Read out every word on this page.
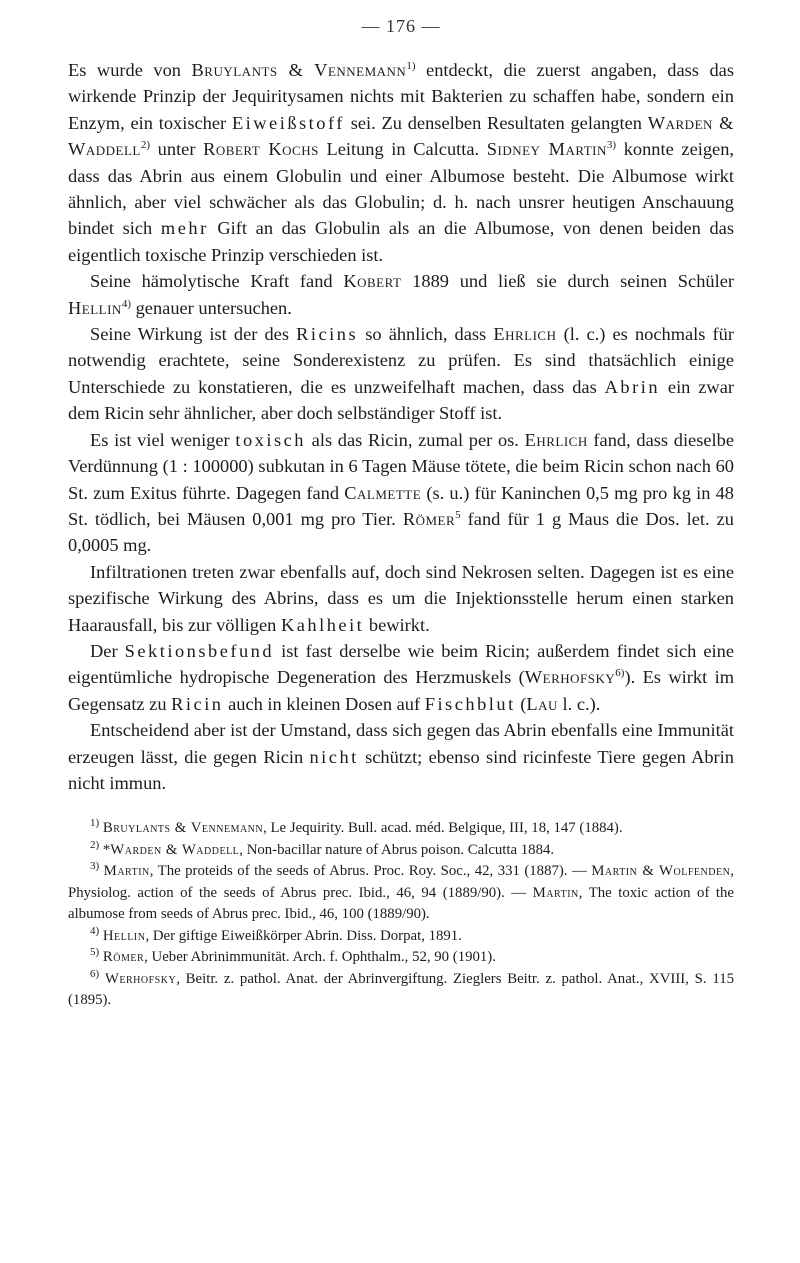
— 176 —

Es wurde von Bruylants & Vennemann$^{1)}$ entdeckt, die zuerst angaben, dass das wirkende Prinzip der Jequiritysamen nichts mit Bakterien zu schaffen habe, sondern ein Enzym, ein toxischer Eiweißstoff sei. Zu denselben Resultaten gelangten Warden & Waddell$^{2)}$ unter Robert Kochs Leitung in Calcutta. Sidney Martin$^{3)}$ konnte zeigen, dass das Abrin aus einem Globulin und einer Albumose besteht. Die Albumose wirkt ähnlich, aber viel schwächer als das Globulin; d. h. nach unsrer heutigen Anschauung bindet sich mehr Gift an das Globulin als an die Albumose, von denen beiden das eigentlich toxische Prinzip verschieden ist.

Seine hämolytische Kraft fand Kobert 1889 und ließ sie durch seinen Schüler Hellin$^{4)}$ genauer untersuchen.

Seine Wirkung ist der des Ricins so ähnlich, dass Ehrlich (l. c.) es nochmals für notwendig erachtete, seine Sonderexistenz zu prüfen. Es sind thatsächlich einige Unterschiede zu konstatieren, die es unzweifelhaft machen, dass das Abrin ein zwar dem Ricin sehr ähnlicher, aber doch selbständiger Stoff ist.

Es ist viel weniger toxisch als das Ricin, zumal per os. Ehrlich fand, dass dieselbe Verdünnung (1 : 100000) subkutan in 6 Tagen Mäuse tötete, die beim Ricin schon nach 60 St. zum Exitus führte. Dagegen fand Calmette (s. u.) für Kaninchen 0,5 mg pro kg in 48 St. tödlich, bei Mäusen 0,001 mg pro Tier. Römer$^5$ fand für 1 g Maus die Dos. let. zu 0,0005 mg.

Infiltrationen treten zwar ebenfalls auf, doch sind Nekrosen selten. Dagegen ist es eine spezifische Wirkung des Abrins, dass es um die Injektionsstelle herum einen starken Haarausfall, bis zur völligen Kahlheit bewirkt.

Der Sektionsbefund ist fast derselbe wie beim Ricin; außerdem findet sich eine eigentümliche hydropische Degeneration des Herzmuskels (Werhofsky$^{6)}$). Es wirkt im Gegensatz zu Ricin auch in kleinen Dosen auf Fischblut (Lau l. c.).

Entscheidend aber ist der Umstand, dass sich gegen das Abrin ebenfalls eine Immunität erzeugen lässt, die gegen Ricin nicht schützt; ebenso sind ricinfeste Tiere gegen Abrin nicht immun.

$^{1)}$ Bruylants & Vennemann, Le Jequirity. Bull. acad. méd. Belgique, III, 18, 147 (1884).

$^{2)}$ *Warden & Waddell, Non-bacillar nature of Abrus poison. Calcutta 1884.

$^{3)}$ Martin, The proteids of the seeds of Abrus. Proc. Roy. Soc., 42, 331 (1887). — Martin & Wolfenden, Physiolog. action of the seeds of Abrus prec. Ibid., 46, 94 (1889/90). — Martin, The toxic action of the albumose from seeds of Abrus prec. Ibid., 46, 100 (1889/90).

$^{4)}$ Hellin, Der giftige Eiweißkörper Abrin. Diss. Dorpat, 1891.

$^{5)}$ Römer, Ueber Abrinimmunität. Arch. f. Ophthalm., 52, 90 (1901).

$^{6)}$ Werhofsky, Beitr. z. pathol. Anat. der Abrinvergiftung. Zieglers Beitr. z. pathol. Anat., XVIII, S. 115 (1895).
